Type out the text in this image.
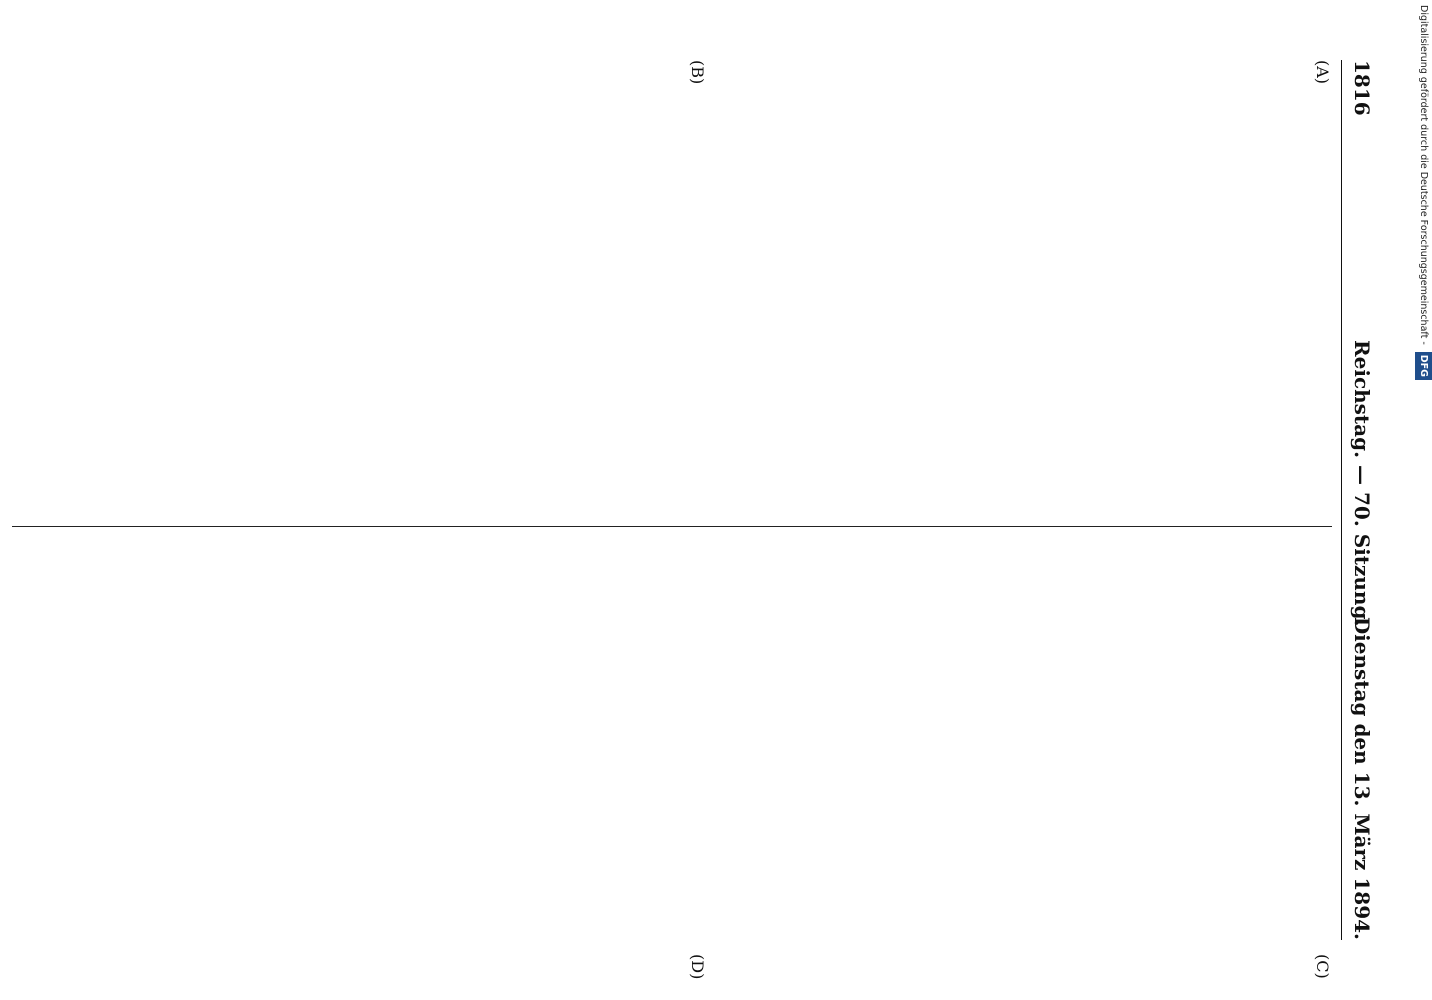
1816
Reichstag. — 70. Sitzung.
Dienstag den 13. März 1894.
(A)
(B)
(C)
(D)

Digitalisierung gefördert durch die Deutsche Forschungsgemeinschaft - DFG
